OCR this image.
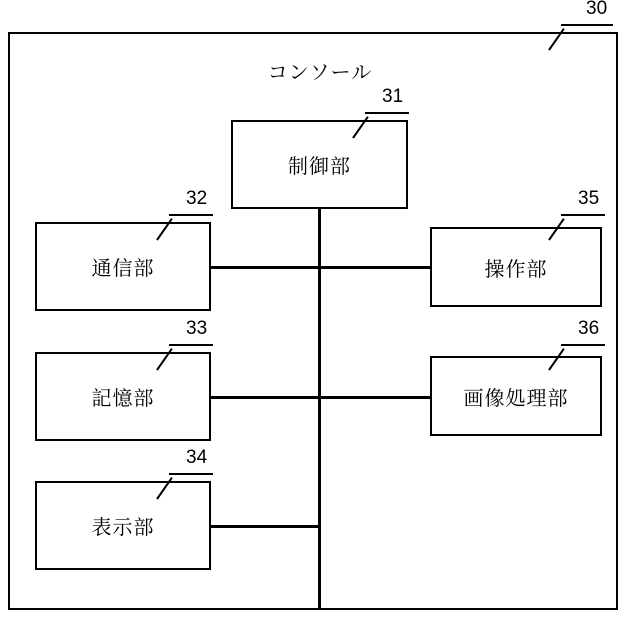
30
コンソール
制御部
31
通信部
32
記憶部
33
表示部
34
操作部
35
画像処理部
36
